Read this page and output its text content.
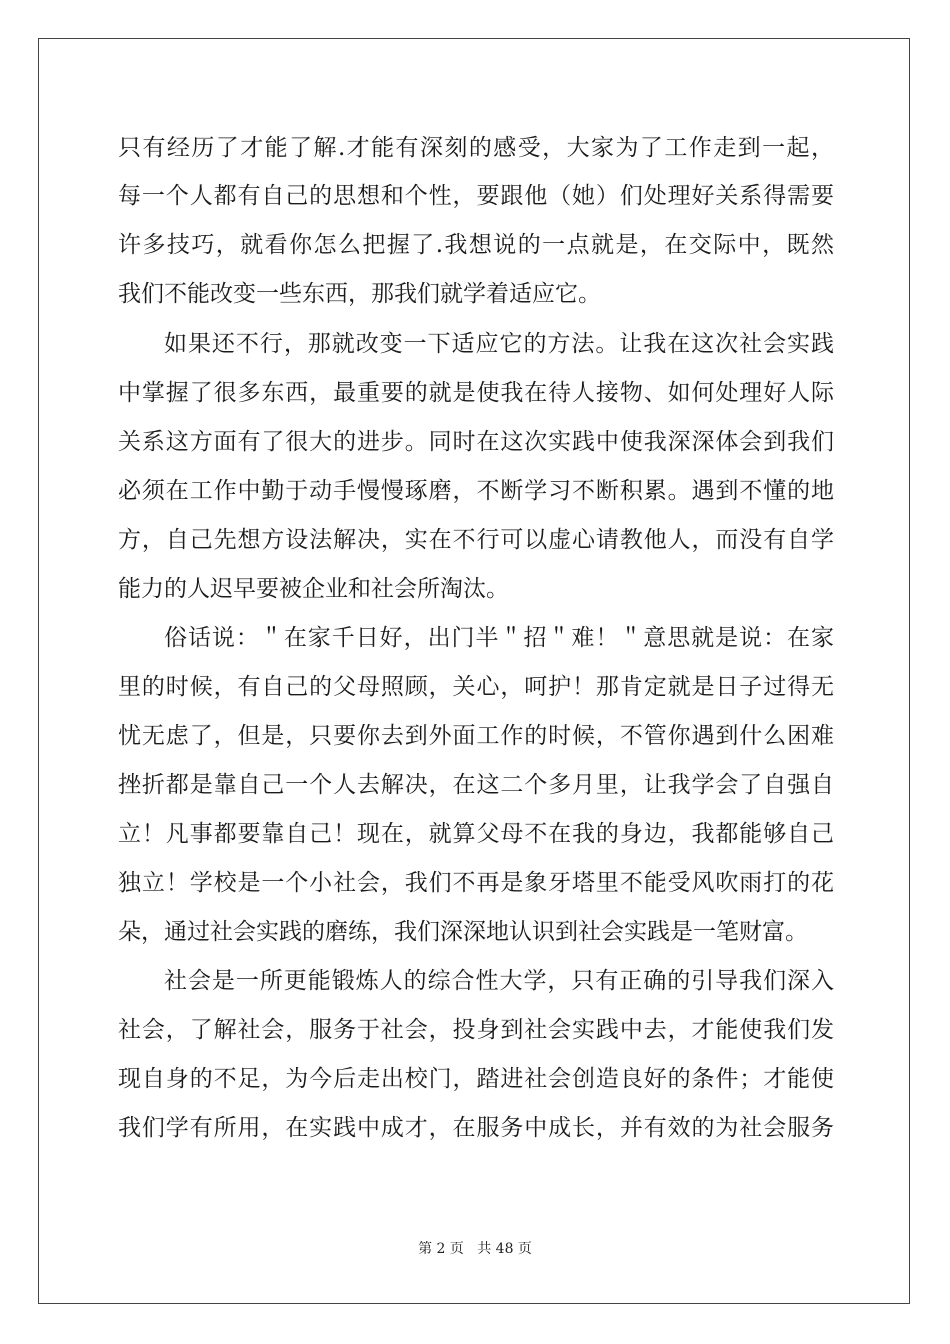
只有经历了才能了解.才能有深刻的感受，大家为了工作走到一起，
每一个人都有自己的思想和个性，要跟他（她）们处理好关系得需要
许多技巧，就看你怎么把握了.我想说的一点就是，在交际中，既然
我们不能改变一些东西，那我们就学着适应它。
如果还不行，那就改变一下适应它的方法。让我在这次社会实践
中掌握了很多东西，最重要的就是使我在待人接物、如何处理好人际
关系这方面有了很大的进步。同时在这次实践中使我深深体会到我们
必须在工作中勤于动手慢慢琢磨，不断学习不断积累。遇到不懂的地
方，自己先想方设法解决，实在不行可以虚心请教他人，而没有自学
能力的人迟早要被企业和社会所淘汰。
俗话说：＂在家千日好，出门半＂招＂难！＂意思就是说：在家
里的时候，有自己的父母照顾，关心，呵护！那肯定就是日子过得无
忧无虑了，但是，只要你去到外面工作的时候，不管你遇到什么困难
挫折都是靠自己一个人去解决，在这二个多月里，让我学会了自强自
立！凡事都要靠自己！现在，就算父母不在我的身边，我都能够自己
独立！学校是一个小社会，我们不再是象牙塔里不能受风吹雨打的花
朵，通过社会实践的磨练，我们深深地认识到社会实践是一笔财富。
社会是一所更能锻炼人的综合性大学，只有正确的引导我们深入
社会，了解社会，服务于社会，投身到社会实践中去，才能使我们发
现自身的不足，为今后走出校门，踏进社会创造良好的条件；才能使
我们学有所用，在实践中成才，在服务中成长，并有效的为社会服务
第 2 页   共 48 页
